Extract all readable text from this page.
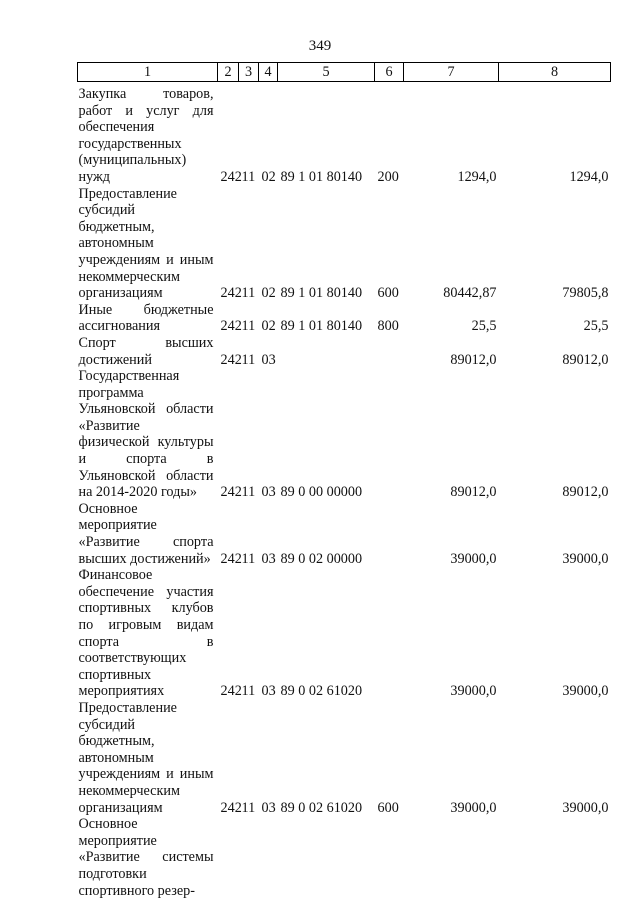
349
1	2	3	4	5	6	7	8
Закупка товаров, работ и услуг для обеспечения государственных (муниципальных) нужд	242	11	02	89 1 01 80140	200	1294,0	1294,0
Предоставление субсидий бюджетным, автономным учреждениям и иным некоммерческим организациям	242	11	02	89 1 01 80140	600	80442,87	79805,8
Иные бюджетные ассигнования	242	11	02	89 1 01 80140	800	25,5	25,5
Спорт высших достижений	242	11	03			89012,0	89012,0
Государственная программа Ульяновской области «Развитие физической культуры и спорта в Ульяновской области на 2014-2020 годы»	242	11	03	89 0 00 00000		89012,0	89012,0
Основное мероприятие «Развитие спорта высших достижений»	242	11	03	89 0 02 00000		39000,0	39000,0
Финансовое обеспечение участия спортивных клубов по игровым видам спорта в соответствующих спортивных мероприятиях	242	11	03	89 0 02 61020		39000,0	39000,0
Предоставление субсидий бюджетным, автономным учреждениям и иным некоммерческим организациям	242	11	03	89 0 02 61020	600	39000,0	39000,0
Основное мероприятие «Развитие системы подготовки спортивного резер-							
